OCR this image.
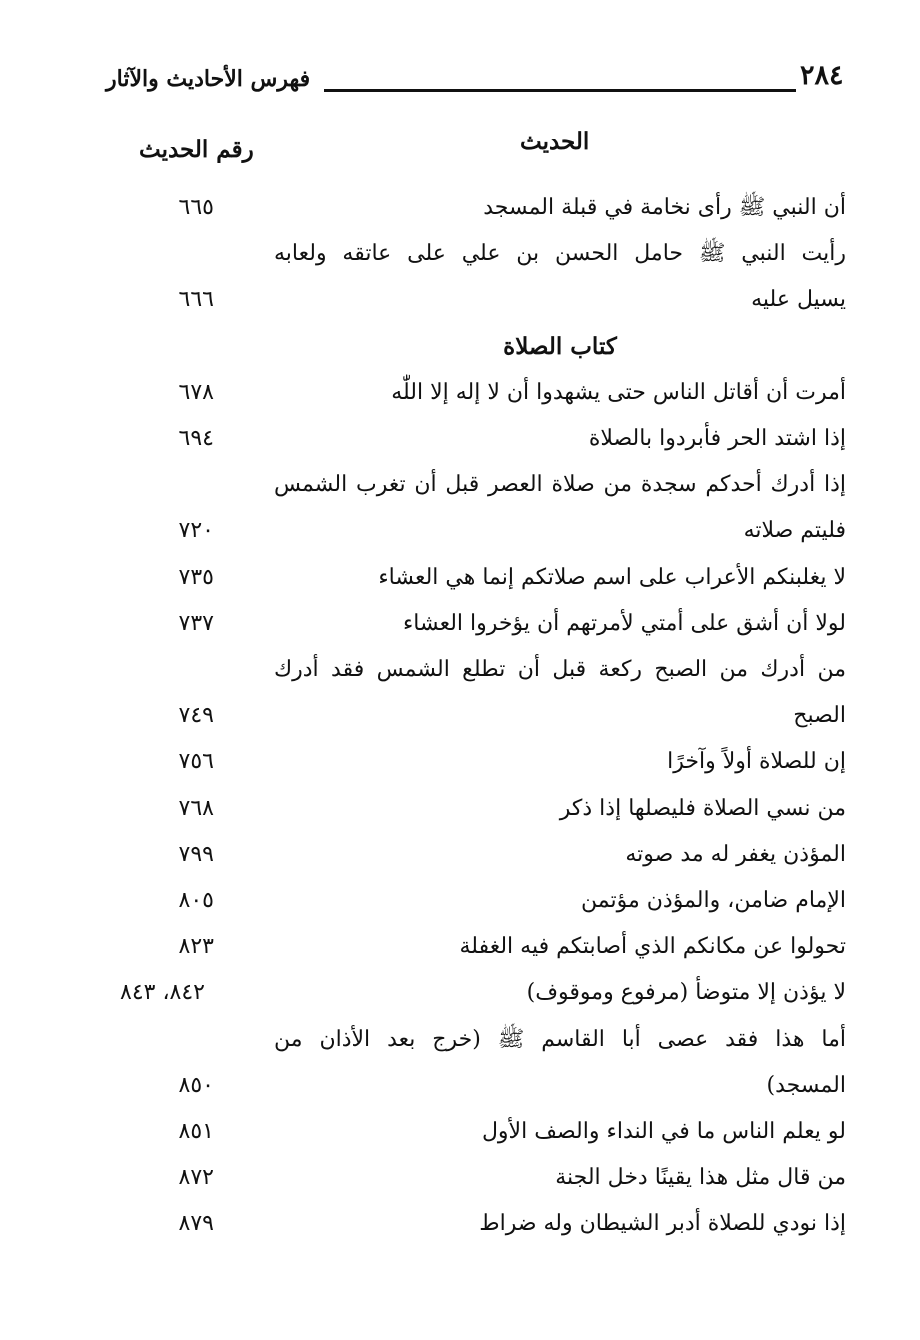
فهرس الأحاديث والآثار	٢٨٤
الحديث
رقم الحديث
أن النبي ﷺ رأى نخامة في قبلة المسجد
٦٦٥
رأيت النبي ﷺ حامل الحسن بن علي على عاتقه ولعابه
يسيل عليه
٦٦٦
كتاب الصلاة
أمرت أن أقاتل الناس حتى يشهدوا أن لا إله إلا اللّٰه
٦٧٨
إذا اشتد الحر فأبردوا بالصلاة
٦٩٤
إذا أدرك أحدكم سجدة من صلاة العصر قبل أن تغرب الشمس
فليتم صلاته
٧٢٠
لا يغلبنكم الأعراب على اسم صلاتكم إنما هي العشاء
٧٣٥
لولا أن أشق على أمتي لأمرتهم أن يؤخروا العشاء
٧٣٧
من أدرك من الصبح ركعة قبل أن تطلع الشمس فقد أدرك
الصبح
٧٤٩
إن للصلاة أولاً وآخرًا
٧٥٦
من نسي الصلاة فليصلها إذا ذكر
٧٦٨
المؤذن يغفر له مد صوته
٧٩٩
الإمام ضامن، والمؤذن مؤتمن
٨٠٥
تحولوا عن مكانكم الذي أصابتكم فيه الغفلة
٨٢٣
لا يؤذن إلا متوضأ (مرفوع وموقوف)
٨٤٢، ٨٤٣
أما هذا فقد عصى أبا القاسم ﷺ (خرج بعد الأذان من
المسجد)
٨٥٠
لو يعلم الناس ما في النداء والصف الأول
٨٥١
من قال مثل هذا يقينًا دخل الجنة
٨٧٢
إذا نودي للصلاة أدبر الشيطان وله ضراط
٨٧٩
